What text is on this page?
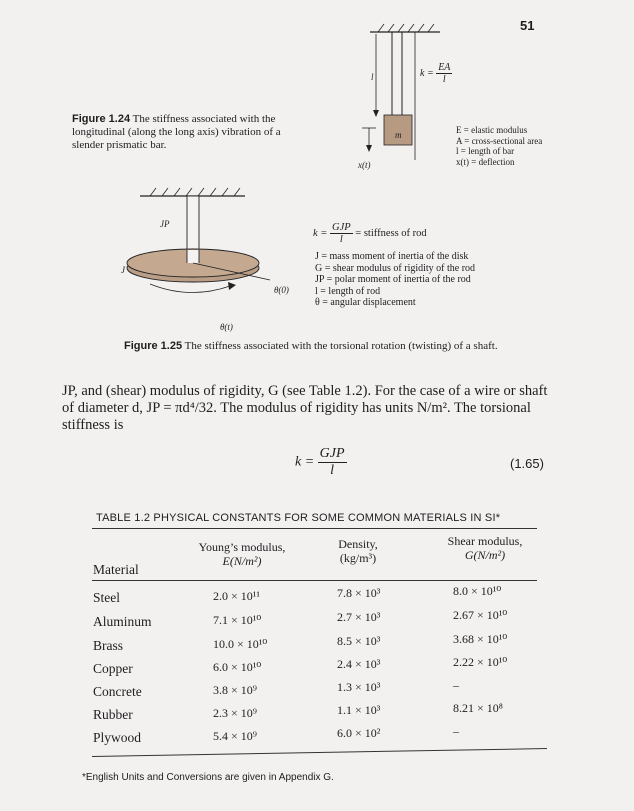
51
l
m
x(t)
$k = \frac{EA}{l}$
E = elastic modulus
A = cross-sectional area
l = length of bar
x(t) = deflection
Figure 1.24 The stiffness associated with the longitudinal (along the long axis) vibration of a slender prismatic bar.
JP
J
θ(0)
θ(t)
$k = \frac{\text{GJP}}{l}$ = stiffness of rod
J = mass moment of inertia of the disk
G = shear modulus of rigidity of the rod
JP = polar moment of inertia of the rod
l = length of rod
θ = angular displacement
Figure 1.25 The stiffness associated with the torsional rotation (twisting) of a shaft.
JP, and (shear) modulus of rigidity, G (see Table 1.2). For the case of a wire or shaft
of diameter d, JP = πd⁴/32. The modulus of rigidity has units N/m². The torsional
stiffness is
$k = \frac{\text{GJP}}{l}$	(1.65)
TABLE 1.2 PHYSICAL CONSTANTS FOR SOME COMMON MATERIALS IN SI*
Young’s modulus,
E(N/m²)
Density,
(kg/m³)
Shear modulus,
G(N/m²)
Material
Steel	2.0 × 10¹¹	7.8 × 10³	8.0 × 10¹⁰
Aluminum	7.1 × 10¹⁰	2.7 × 10³	2.67 × 10¹⁰
Brass	10.0 × 10¹⁰	8.5 × 10³	3.68 × 10¹⁰
Copper	6.0 × 10¹⁰	2.4 × 10³	2.22 × 10¹⁰
Concrete	3.8 × 10⁹	1.3 × 10³	–
Rubber	2.3 × 10⁹	1.1 × 10³	8.21 × 10⁸
Plywood	5.4 × 10⁹	6.0 × 10²	–
*English Units and Conversions are given in Appendix G.
